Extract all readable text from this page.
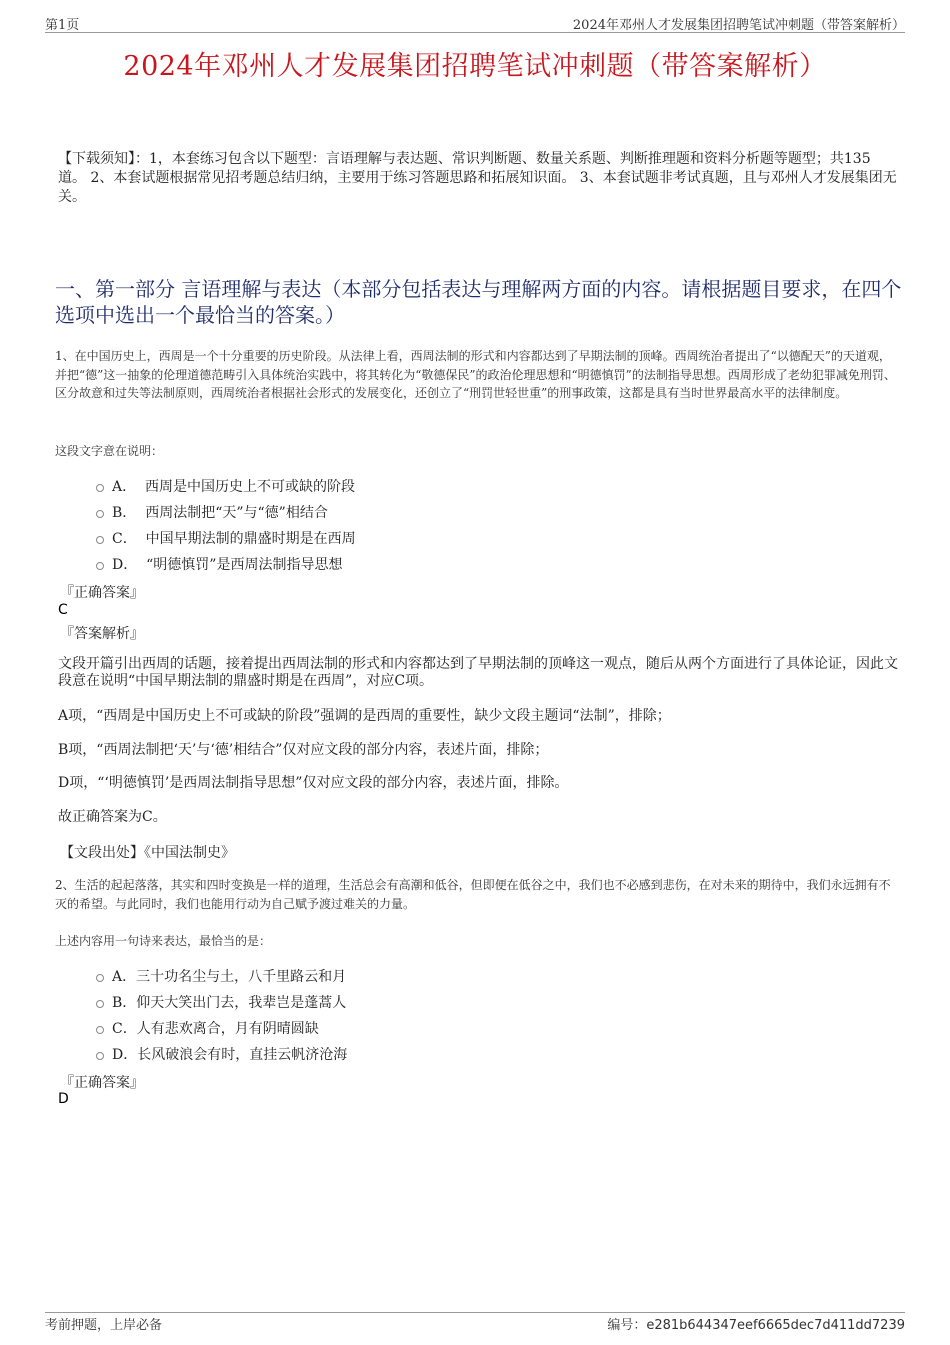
第1页	2024年邓州人才发展集团招聘笔试冲刺题（带答案解析）
2024年邓州人才发展集团招聘笔试冲刺题（带答案解析）
【下载须知】：1，本套练习包含以下题型：言语理解与表达题、常识判断题、数量关系题、判断推理题和资料分析题等题型；共135道。 2、本套试题根据常见招考题总结归纳，主要用于练习答题思路和拓展知识面。 3、本套试题非考试真题，且与邓州人才发展集团无关。
一、第一部分 言语理解与表达（本部分包括表达与理解两方面的内容。请根据题目要求，在四个选项中选出一个最恰当的答案。）
1、在中国历史上，西周是一个十分重要的历史阶段。从法律上看，西周法制的形式和内容都达到了早期法制的顶峰。西周统治者提出了“以德配天”的天道观，并把“德”这一抽象的伦理道德范畴引入具体统治实践中，将其转化为“敬德保民”的政治伦理思想和“明德慎罚”的法制指导思想。西周形成了老幼犯罪减免刑罚、区分故意和过失等法制原则，西周统治者根据社会形式的发展变化，还创立了“刑罚世轻世重”的刑事政策，这都是具有当时世界最高水平的法律制度。
这段文字意在说明：
A．  西周是中国历史上不可或缺的阶段
B．  西周法制把“天”与“德”相结合
C．  中国早期法制的鼎盛时期是在西周
D．  “明德慎罚”是西周法制指导思想
『正确答案』
C
『答案解析』
文段开篇引出西周的话题，接着提出西周法制的形式和内容都达到了早期法制的顶峰这一观点，随后从两个方面进行了具体论证，因此文段意在说明“中国早期法制的鼎盛时期是在西周”，对应C项。
A项，“西周是中国历史上不可或缺的阶段”强调的是西周的重要性，缺少文段主题词“法制”，排除；
B项，“西周法制把‘天’与‘德’相结合”仅对应文段的部分内容，表述片面，排除；
D项，“‘明德慎罚’是西周法制指导思想”仅对应文段的部分内容，表述片面，排除。
故正确答案为C。
【文段出处】《中国法制史》
2、生活的起起落落，其实和四时变换是一样的道理，生活总会有高潮和低谷，但即便在低谷之中，我们也不必感到悲伤，在对未来的期待中，我们永远拥有不灭的希望。与此同时，我们也能用行动为自己赋予渡过难关的力量。
上述内容用一句诗来表达，最恰当的是：
A．三十功名尘与土，八千里路云和月
B．仰天大笑出门去，我辈岂是蓬蒿人
C．人有悲欢离合，月有阴晴圆缺
D．长风破浪会有时，直挂云帆济沧海
『正确答案』
D
考前押题，上岸必备	编号：e281b644347eef6665dec7d411dd7239
